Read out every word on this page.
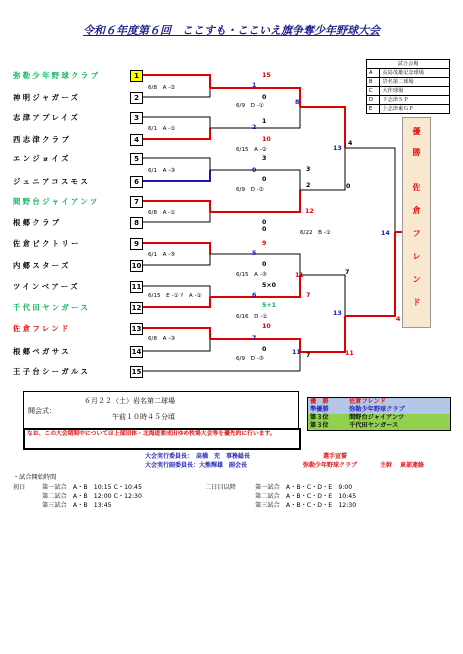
令和６年度第６回　ここすも・ここいえ旗争奪少年野球大会
弥勒少年野球クラブ	1
神明ジャガーズ	2
志津アプレイズ	3
西志津クラブ	4
エンジョイズ	5
ジュニアコスモス	6
間野台ジャイアンツ	7
根郷クラブ	8
佐倉ビクトリー	9
内郷スターズ	10
ツインベアーズ	11
千代田ヤンガース	12
佐倉フレンド	13
根郷ペガサス	14
王子台シーガルス	15
6/8　A -②
6/9　D -①
6/1　A -①
6/15　A -②
6/1　A -③
6/9　D -②
6/8　A -①
6/22　B -①
6/1　A -⑤
6/15　A -③
6/15　E -① ?　A -①
6/16　D -①
6/8　A -③
6/9　D -③
15
1
0
2
10
3
0
0
1
0
3
8
2	0
4
7
0
12
11
13
14
9
5
0
6	7
5×0
7
5+1
10
11
13
4
7
11
0
試合会場	
A	長島茂雄記念球場
B	岩名第二球場
C	大作球場
D	下志津ＳＰ
E	上志津東ＧＰ
優
勝
佐
倉
フ
レ
ン
ド
開会式：
６月２２（土）岩名第二球場
午前１０時４５分頃
なお、この大会期間中については上部団体・北海道要成田ゆめ牧場大会等を優先的に行います。
優　勝	佐倉フレンド
準優勝	弥勒少年野球クラブ
第３位	間野台ジャイアンツ
第３位	千代田ヤンガース
選手宣誓
弥勒少年野球クラブ	主幹 東部連絡
大会実行委員長：　高橋　充　事務総長
大会実行副委員長：大熊輝雄　副会長
・試合開始時間
初日	第一試合　A・B　10:15 C・10:45
第二試合　A・B　12:00 C・12:30
第三試合　A・B　13:45
二日目以降	第一試合　A・B・C・D・E　9:00
第二試合　A・B・C・D・E　10:45
第三試合　A・B・C・D・E　12:30
